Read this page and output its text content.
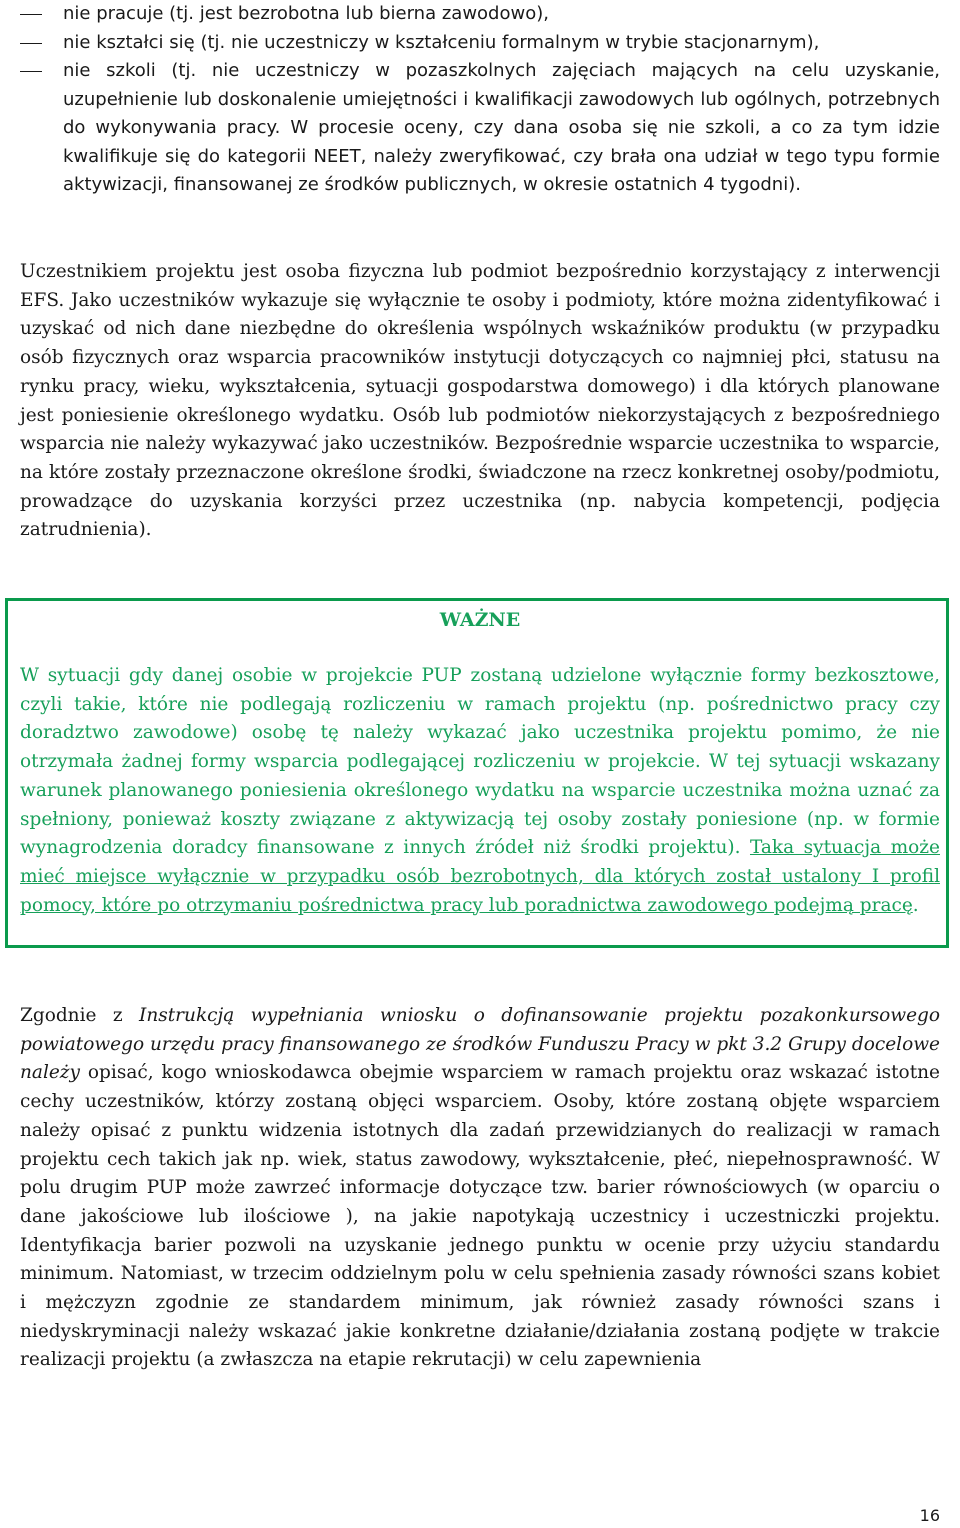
nie pracuje (tj. jest bezrobotna lub bierna zawodowo),
nie kształci się (tj. nie uczestniczy w kształceniu formalnym w trybie stacjonarnym),
nie szkoli (tj. nie uczestniczy w pozaszkolnych zajęciach mających na celu uzyskanie, uzupełnienie lub doskonalenie umiejętności i kwalifikacji zawodowych lub ogólnych, potrzebnych do wykonywania pracy. W procesie oceny, czy dana osoba się nie szkoli, a co za tym idzie kwalifikuje się do kategorii NEET, należy zweryfikować, czy brała ona udział w tego typu formie aktywizacji, finansowanej ze środków publicznych, w okresie ostatnich 4 tygodni).

Uczestnikiem projektu jest osoba fizyczna lub podmiot bezpośrednio korzystający z interwencji EFS. Jako uczestników wykazuje się wyłącznie te osoby i podmioty, które można zidentyfikować i uzyskać od nich dane niezbędne do określenia wspólnych wskaźników produktu (w przypadku osób fizycznych oraz wsparcia pracowników instytucji dotyczących co najmniej płci, statusu na rynku pracy, wieku, wykształcenia, sytuacji gospodarstwa domowego) i dla których planowane jest poniesienie określonego wydatku. Osób lub podmiotów niekorzystających z bezpośredniego wsparcia nie należy wykazywać jako uczestników. Bezpośrednie wsparcie uczestnika to wsparcie, na które zostały przeznaczone określone środki, świadczone na rzecz konkretnej osoby/podmiotu, prowadzące do uzyskania korzyści przez uczestnika (np. nabycia kompetencji, podjęcia zatrudnienia).

WAŻNE

W sytuacji gdy danej osobie w projekcie PUP zostaną udzielone wyłącznie formy bezkosztowe, czyli takie, które nie podlegają rozliczeniu w ramach projektu (np. pośrednictwo pracy czy doradztwo zawodowe) osobę tę należy wykazać jako uczestnika projektu pomimo, że nie otrzymała żadnej formy wsparcia podlegającej rozliczeniu w projekcie. W tej sytuacji wskazany warunek planowanego poniesienia określonego wydatku na wsparcie uczestnika można uznać za spełniony, ponieważ koszty związane z aktywizacją tej osoby zostały poniesione (np. w formie wynagrodzenia doradcy finansowane z innych źródeł niż środki projektu). Taka sytuacja może mieć miejsce wyłącznie w przypadku osób bezrobotnych, dla których został ustalony I profil pomocy, które po otrzymaniu pośrednictwa pracy lub poradnictwa zawodowego podejmą pracę.

Zgodnie z Instrukcją wypełniania wniosku o dofinansowanie projektu pozakonkursowego powiatowego urzędu pracy finansowanego ze środków Funduszu Pracy w pkt 3.2 Grupy docelowe należy opisać, kogo wnioskodawca obejmie wsparciem w ramach projektu oraz wskazać istotne cechy uczestników, którzy zostaną objęci wsparciem. Osoby, które zostaną objęte wsparciem należy opisać z punktu widzenia istotnych dla zadań przewidzianych do realizacji w ramach projektu cech takich jak np. wiek, status zawodowy, wykształcenie, płeć, niepełnosprawność. W polu drugim PUP może zawrzeć informacje dotyczące tzw. barier równościowych (w oparciu o dane jakościowe lub ilościowe ), na jakie napotykają uczestnicy i uczestniczki projektu. Identyfikacja barier pozwoli na uzyskanie jednego punktu w ocenie przy użyciu standardu minimum. Natomiast, w trzecim oddzielnym polu w celu spełnienia zasady równości szans kobiet i mężczyzn zgodnie ze standardem minimum, jak również zasady równości szans i niedyskryminacji należy wskazać jakie konkretne działanie/działania zostaną podjęte w trakcie realizacji projektu (a zwłaszcza na etapie rekrutacji) w celu zapewnienia

16
